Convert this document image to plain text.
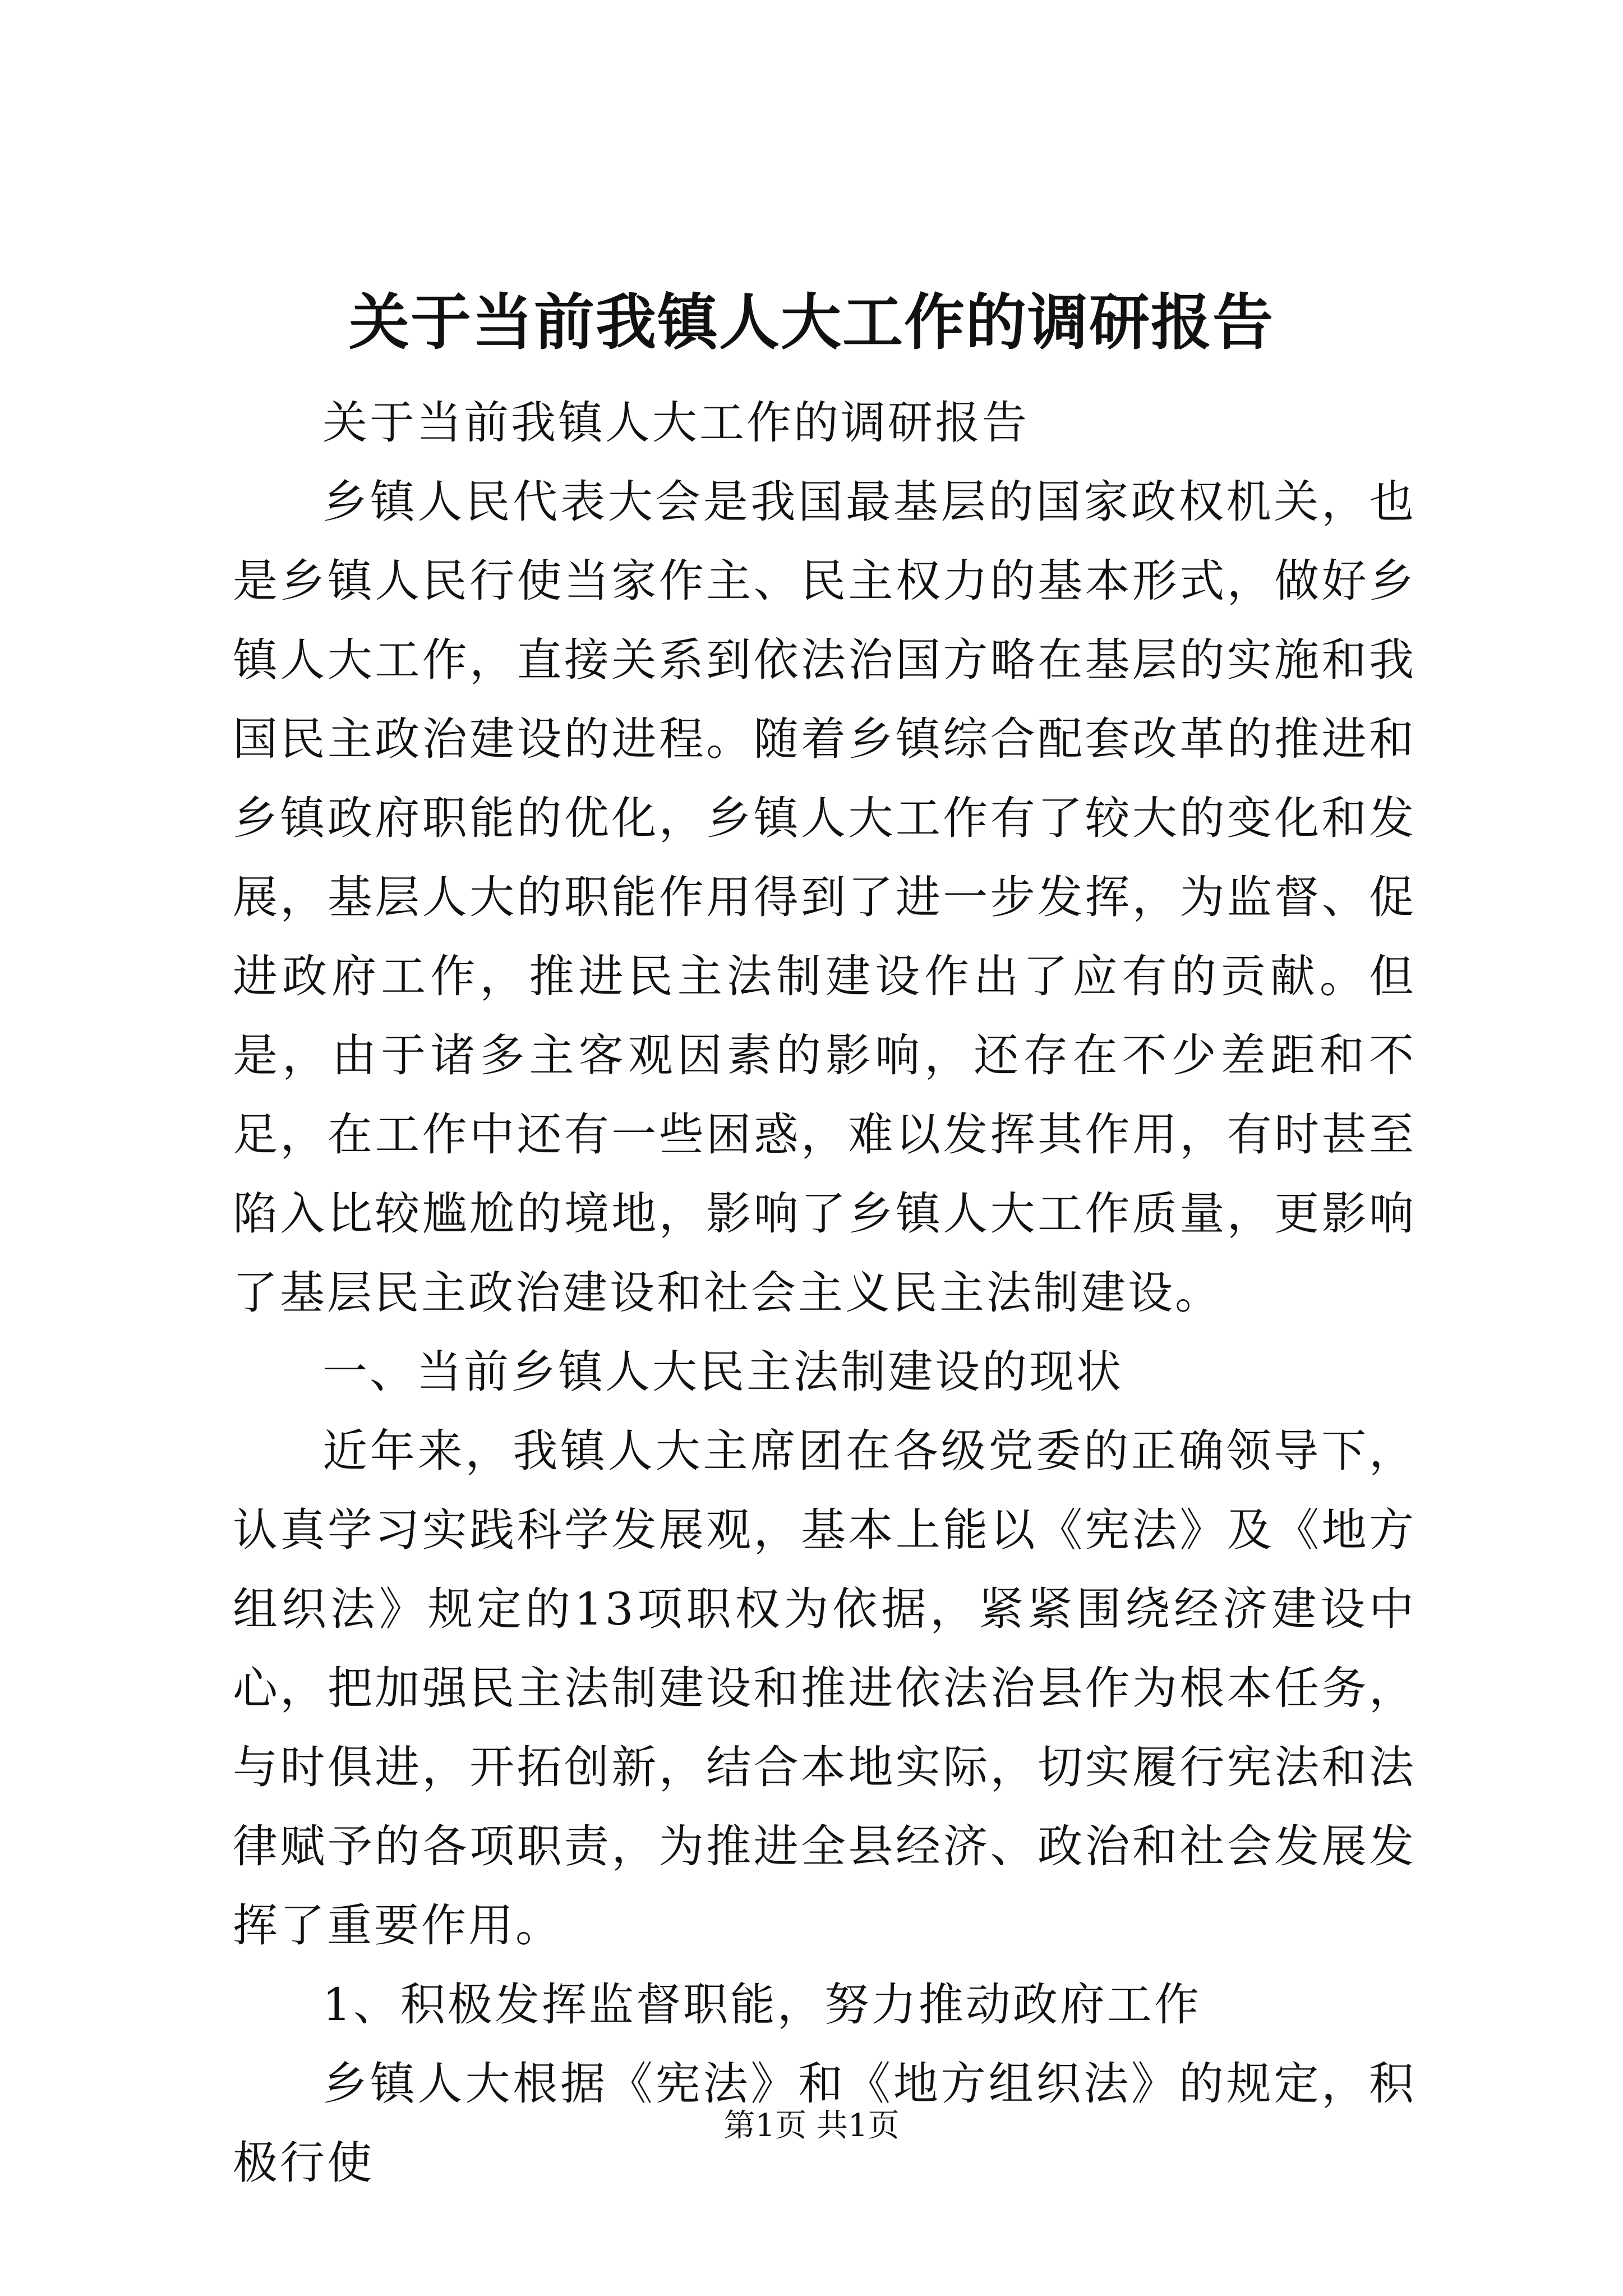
关于当前我镇人大工作的调研报告

关于当前我镇人大工作的调研报告

乡镇人民代表大会是我国最基层的国家政权机关，也是乡镇人民行使当家作主、民主权力的基本形式，做好乡镇人大工作，直接关系到依法治国方略在基层的实施和我国民主政治建设的进程。随着乡镇综合配套改革的推进和乡镇政府职能的优化，乡镇人大工作有了较大的变化和发展，基层人大的职能作用得到了进一步发挥，为监督、促进政府工作，推进民主法制建设作出了应有的贡献。但是，由于诸多主客观因素的影响，还存在不少差距和不足，在工作中还有一些困惑，难以发挥其作用，有时甚至陷入比较尴尬的境地，影响了乡镇人大工作质量，更影响了基层民主政治建设和社会主义民主法制建设。

一、当前乡镇人大民主法制建设的现状

近年来，我镇人大主席团在各级党委的正确领导下，认真学习实践科学发展观，基本上能以《宪法》及《地方组织法》规定的13项职权为依据，紧紧围绕经济建设中心，把加强民主法制建设和推进依法治县作为根本任务，与时俱进，开拓创新，结合本地实际，切实履行宪法和法律赋予的各项职责，为推进全县经济、政治和社会发展发挥了重要作用。

1、积极发挥监督职能，努力推动政府工作

乡镇人大根据《宪法》和《地方组织法》的规定，积极行使

第1页 共1页
